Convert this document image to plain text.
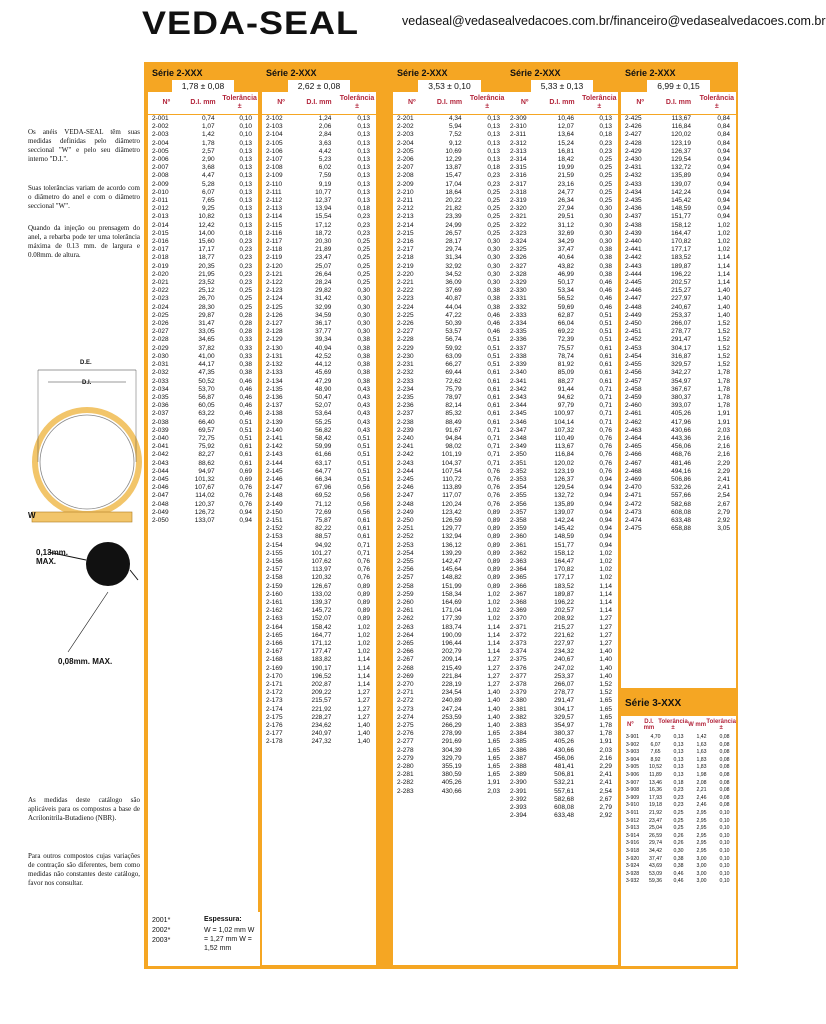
VEDA-SEAL	vedaseal@vedasealvedacoes.com.br/financeiro@vedasealvedacoes.com.br
Série 2-XXX
1,78 ± 0,08
Nº	D.I. mm
Tolerância ±
2-001	0,74	0,10
2-002	1,07	0,10
2-003	1,42	0,10
2-004	1,78	0,13
2-005	2,57	0,13
2-006	2,90	0,13
2-007	3,68	0,13
2-008	4,47	0,13
2-009	5,28	0,13
2-010	6,07	0,13
2-011	7,65	0,13
2-012	9,25	0,13
2-013	10,82	0,13
2-014	12,42	0,13
2-015	14,00	0,18
2-016	15,60	0,23
2-017	17,17	0,23
2-018	18,77	0,23
2-019	20,35	0,23
2-020	21,95	0,23
2-021	23,52	0,23
2-022	25,12	0,25
2-023	26,70	0,25
2-024	28,30	0,25
2-025	29,87	0,28
2-026	31,47	0,28
2-027	33,05	0,28
2-028	34,65	0,33
2-029	37,82	0,33
2-030	41,00	0,33
2-031	44,17	0,38
2-032	47,35	0,38
2-033	50,52	0,46
2-034	53,70	0,46
2-035	56,87	0,46
2-036	60,05	0,46
2-037	63,22	0,46
2-038	66,40	0,51
2-039	69,57	0,51
2-040	72,75	0,51
2-041	75,92	0,61
2-042	82,27	0,61
2-043	88,62	0,61
2-044	94,97	0,69
2-045	101,32	0,69
2-046	107,67	0,76
2-047	114,02	0,76
2-048	120,37	0,76
2-049	126,72	0,94
2-050	133,07	0,94
Série 2-XXX
2,62 ± 0,08
Nº	D.I. mm
Tolerância ±
2-102	1,24	0,13
2-103	2,06	0,13
2-104	2,84	0,13
2-105	3,63	0,13
2-106	4,42	0,13
2-107	5,23	0,13
2-108	6,02	0,13
2-109	7,59	0,13
2-110	9,19	0,13
2-111	10,77	0,13
2-112	12,37	0,13
2-113	13,94	0,18
2-114	15,54	0,23
2-115	17,12	0,23
2-116	18,72	0,23
2-117	20,30	0,25
2-118	21,89	0,25
2-119	23,47	0,25
2-120	25,07	0,25
2-121	26,64	0,25
2-122	28,24	0,25
2-123	29,82	0,30
2-124	31,42	0,30
2-125	32,99	0,30
2-126	34,59	0,30
2-127	36,17	0,30
2-128	37,77	0,30
2-129	39,34	0,38
2-130	40,94	0,38
2-131	42,52	0,38
2-132	44,12	0,38
2-133	45,69	0,38
2-134	47,29	0,38
2-135	48,90	0,43
2-136	50,47	0,43
2-137	52,07	0,43
2-138	53,64	0,43
2-139	55,25	0,43
2-140	56,82	0,43
2-141	58,42	0,51
2-142	59,99	0,51
2-143	61,66	0,51
2-144	63,17	0,51
2-145	64,77	0,51
2-146	66,34	0,51
2-147	67,96	0,56
2-148	69,52	0,56
2-149	71,12	0,56
2-150	72,69	0,56
2-151	75,87	0,61
2-152	82,22	0,61
2-153	88,57	0,61
2-154	94,92	0,71
2-155	101,27	0,71
2-156	107,62	0,76
2-157	113,97	0,76
2-158	120,32	0,76
2-159	126,67	0,89
2-160	133,02	0,89
2-161	139,37	0,89
2-162	145,72	0,89
2-163	152,07	0,89
2-164	158,42	1,02
2-165	164,77	1,02
2-166	171,12	1,02
2-167	177,47	1,02
2-168	183,82	1,14
2-169	190,17	1,14
2-170	196,52	1,14
2-171	202,87	1,14
2-172	209,22	1,27
2-173	215,57	1,27
2-174	221,92	1,27
2-175	228,27	1,27
2-176	234,62	1,40
2-177	240,97	1,40
2-178	247,32	1,40
Série 2-XXX
3,53 ± 0,10
Nº	D.I. mm
Tolerância ±
2-201	4,34	0,13
2-202	5,94	0,13
2-203	7,52	0,13
2-204	9,12	0,13
2-205	10,69	0,13
2-206	12,29	0,13
2-207	13,87	0,18
2-208	15,47	0,23
2-209	17,04	0,23
2-210	18,64	0,25
2-211	20,22	0,25
2-212	21,82	0,25
2-213	23,39	0,25
2-214	24,99	0,25
2-215	26,57	0,25
2-216	28,17	0,30
2-217	29,74	0,30
2-218	31,34	0,30
2-219	32,92	0,30
2-220	34,52	0,30
2-221	36,09	0,30
2-222	37,69	0,38
2-223	40,87	0,38
2-224	44,04	0,38
2-225	47,22	0,46
2-226	50,39	0,46
2-227	53,57	0,46
2-228	56,74	0,51
2-229	59,92	0,51
2-230	63,09	0,51
2-231	66,27	0,51
2-232	69,44	0,61
2-233	72,62	0,61
2-234	75,79	0,61
2-235	78,97	0,61
2-236	82,14	0,61
2-237	85,32	0,61
2-238	88,49	0,61
2-239	91,67	0,71
2-240	94,84	0,71
2-241	98,02	0,71
2-242	101,19	0,71
2-243	104,37	0,71
2-244	107,54	0,76
2-245	110,72	0,76
2-246	113,89	0,76
2-247	117,07	0,76
2-248	120,24	0,76
2-249	123,42	0,89
2-250	126,59	0,89
2-251	129,77	0,89
2-252	132,94	0,89
2-253	136,12	0,89
2-254	139,29	0,89
2-255	142,47	0,89
2-256	145,64	0,89
2-257	148,82	0,89
2-258	151,99	0,89
2-259	158,34	1,02
2-260	164,69	1,02
2-261	171,04	1,02
2-262	177,39	1,02
2-263	183,74	1,14
2-264	190,09	1,14
2-265	196,44	1,14
2-266	202,79	1,14
2-267	209,14	1,27
2-268	215,49	1,27
2-269	221,84	1,27
2-270	228,19	1,27
2-271	234,54	1,40
2-272	240,89	1,40
2-273	247,24	1,40
2-274	253,59	1,40
2-275	266,29	1,40
2-276	278,99	1,65
2-277	291,69	1,65
2-278	304,39	1,65
2-279	329,79	1,65
2-280	355,19	1,65
2-281	380,59	1,65
2-282	405,26	1,91
2-283	430,66	2,03
Série 2-XXX
5,33 ± 0,13
Nº	D.I. mm
Tolerância ±
2-309	10,46	0,13
2-310	12,07	0,13
2-311	13,64	0,18
2-312	15,24	0,23
2-313	16,81	0,23
2-314	18,42	0,25
2-315	19,99	0,25
2-316	21,59	0,25
2-317	23,16	0,25
2-318	24,77	0,25
2-319	26,34	0,25
2-320	27,94	0,30
2-321	29,51	0,30
2-322	31,12	0,30
2-323	32,69	0,30
2-324	34,29	0,30
2-325	37,47	0,38
2-326	40,64	0,38
2-327	43,82	0,38
2-328	46,99	0,38
2-329	50,17	0,46
2-330	53,34	0,46
2-331	56,52	0,46
2-332	59,69	0,46
2-333	62,87	0,51
2-334	66,04	0,51
2-335	69,22	0,51
2-336	72,39	0,51
2-337	75,57	0,61
2-338	78,74	0,61
2-339	81,92	0,61
2-340	85,09	0,61
2-341	88,27	0,61
2-342	91,44	0,71
2-343	94,62	0,71
2-344	97,79	0,71
2-345	100,97	0,71
2-346	104,14	0,71
2-347	107,32	0,76
2-348	110,49	0,76
2-349	113,67	0,76
2-350	116,84	0,76
2-351	120,02	0,76
2-352	123,19	0,76
2-353	126,37	0,94
2-354	129,54	0,94
2-355	132,72	0,94
2-356	135,89	0,94
2-357	139,07	0,94
2-358	142,24	0,94
2-359	145,42	0,94
2-360	148,59	0,94
2-361	151,77	0,94
2-362	158,12	1,02
2-363	164,47	1,02
2-364	170,82	1,02
2-365	177,17	1,02
2-366	183,52	1,14
2-367	189,87	1,14
2-368	196,22	1,14
2-369	202,57	1,14
2-370	208,92	1,27
2-371	215,27	1,27
2-372	221,62	1,27
2-373	227,97	1,27
2-374	234,32	1,40
2-375	240,67	1,40
2-376	247,02	1,40
2-377	253,37	1,40
2-378	266,07	1,52
2-379	278,77	1,52
2-380	291,47	1,65
2-381	304,17	1,65
2-382	329,57	1,65
2-383	354,97	1,78
2-384	380,37	1,78
2-385	405,26	1,91
2-386	430,66	2,03
2-387	456,06	2,16
2-388	481,41	2,29
2-389	506,81	2,41
2-390	532,21	2,41
2-391	557,61	2,54
2-392	582,68	2,67
2-393	608,08	2,79
2-394	633,48	2,92
Série 2-XXX
6,99 ± 0,15
Nº	D.I. mm
Tolerância ±
2-425	113,67	0,84
2-426	116,84	0,84
2-427	120,02	0,84
2-428	123,19	0,84
2-429	126,37	0,94
2-430	129,54	0,94
2-431	132,72	0,94
2-432	135,89	0,94
2-433	139,07	0,94
2-434	142,24	0,94
2-435	145,42	0,94
2-436	148,59	0,94
2-437	151,77	0,94
2-438	158,12	1,02
2-439	164,47	1,02
2-440	170,82	1,02
2-441	177,17	1,02
2-442	183,52	1,14
2-443	189,87	1,14
2-444	196,22	1,14
2-445	202,57	1,14
2-446	215,27	1,40
2-447	227,97	1,40
2-448	240,67	1,40
2-449	253,37	1,40
2-450	266,07	1,52
2-451	278,77	1,52
2-452	291,47	1,52
2-453	304,17	1,52
2-454	316,87	1,52
2-455	329,57	1,52
2-456	342,27	1,78
2-457	354,97	1,78
2-458	367,67	1,78
2-459	380,37	1,78
2-460	393,07	1,78
2-461	405,26	1,91
2-462	417,96	1,91
2-463	430,66	2,03
2-464	443,36	2,16
2-465	456,06	2,16
2-466	468,76	2,16
2-467	481,46	2,29
2-468	494,16	2,29
2-469	506,86	2,41
2-470	532,26	2,41
2-471	557,66	2,54
2-472	582,68	2,67
2-473	608,08	2,79
2-474	633,48	2,92
2-475	658,88	3,05
Os anéis VEDA-SEAL têm suas medidas definidas pelo diâmetro seccional "W" e pelo seu diâmetro interno "D.I.".
Suas tolerâncias variam de acordo com o diâmetro do anel e com o diâmetro seccional "W".
Quando da injeção ou prensagem do anel, a rebarba pode ter uma tolerância máxima de 0.13 mm. de largura e 0.08mm. de altura.
D.E.
D.I.
W
0,13mm. MAX.
0,08mm. MAX.
As medidas deste catálogo são aplicáveis para os compostos a base de Acrilonitrila-Butadieno (NBR).
Para outros compostos cujas variações de contração são diferentes, bem como medidas não constantes deste catálogo, favor nos consultar.
2001* 2002* 2003*
Espessura:
W = 1,02 mm W = 1,27 mm W = 1,52 mm
Série 3-XXX
Nº	D.I. mm
Tolerância ±	W mm Tolerância ±
3-901	4,70	0,13	1,42	0,08
3-902	6,07	0,13	1,63	0,08
3-903	7,65	0,13	1,63	0,08
3-904	8,92	0,13	1,83	0,08
3-905	10,52	0,13	1,83	0,08
3-906	11,89	0,13	1,98	0,08
3-907	13,46	0,18	2,08	0,08
3-908	16,36	0,23	2,21	0,08
3-909	17,93	0,23	2,46	0,08
3-910	19,18	0,23	2,46	0,08
3-911	21,92	0,25	2,95	0,10
3-912	23,47	0,25	2,95	0,10
3-913	25,04	0,25	2,95	0,10
3-914	26,59	0,26	2,95	0,10
3-916	29,74	0,26	2,95	0,10
3-918	34,42	0,30	2,95	0,10
3-920	37,47	0,38	3,00	0,10
3-924	43,69	0,38	3,00	0,10
3-928	53,09	0,46	3,00	0,10
3-932	59,36	0,46	3,00	0,10
